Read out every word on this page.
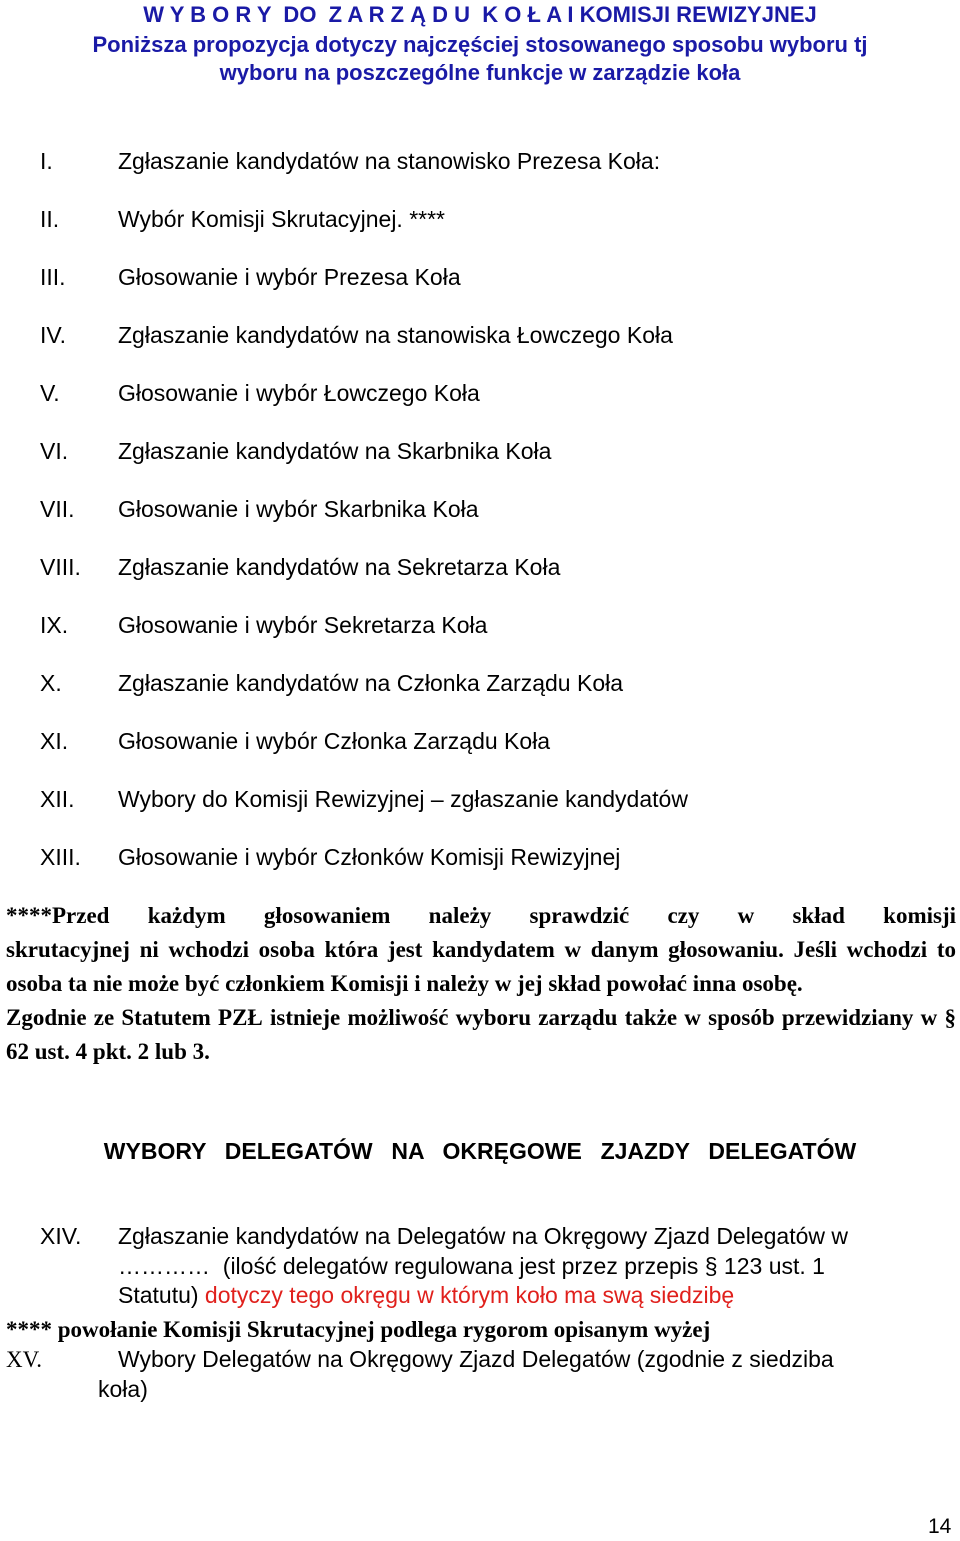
W Y B O R Y  DO  Z A R Z Ą D U  K O Ł A I KOMISJI REWIZYJNEJ
Poniższa propozycja dotyczy najczęściej stosowanego sposobu wyboru tj
wyboru na poszczególne funkcje w zarządzie koła
I.	Zgłaszanie kandydatów na stanowisko Prezesa Koła:
II.	Wybór Komisji Skrutacyjnej. ****
III. Głosowanie i wybór Prezesa Koła
IV. Zgłaszanie kandydatów na stanowiska Łowczego Koła
V.	Głosowanie i wybór Łowczego Koła
VI. Zgłaszanie kandydatów na Skarbnika Koła
VII. Głosowanie i wybór Skarbnika Koła
VIII. Zgłaszanie kandydatów na Sekretarza Koła
IX. Głosowanie i wybór Sekretarza Koła
X. Zgłaszanie kandydatów na Członka Zarządu Koła
XI. Głosowanie i wybór Członka Zarządu Koła
XII. Wybory do Komisji Rewizyjnej – zgłaszanie kandydatów
XIII. Głosowanie i wybór Członków Komisji Rewizyjnej

****Przed każdym głosowaniem należy sprawdzić czy w skład komisji

skrutacyjnej ni wchodzi osoba która jest kandydatem w danym głosowaniu. Jeśli wchodzi to osoba ta nie może być członkiem Komisji i należy w jej skład powołać inna osobę.

Zgodnie ze Statutem PZŁ istnieje możliwość wyboru zarządu także w sposób przewidziany w § 62 ust. 4 pkt. 2 lub 3.

WYBORY  DELEGATÓW  NA  OKRĘGOWE  ZJAZDY  DELEGATÓW
XIV. Zgłaszanie kandydatów na Delegatów na Okręgowy Zjazd Delegatów w
…………  (ilość delegatów regulowana jest przez przepis § 123 ust. 1
Statutu) dotyczy tego okręgu w którym koło ma swą siedzibę
**** powołanie Komisji Skrutacyjnej podlega rygorom opisanym wyżej
XV.	Wybory Delegatów na Okręgowy Zjazd Delegatów (zgodnie z siedziba
koła)
14
